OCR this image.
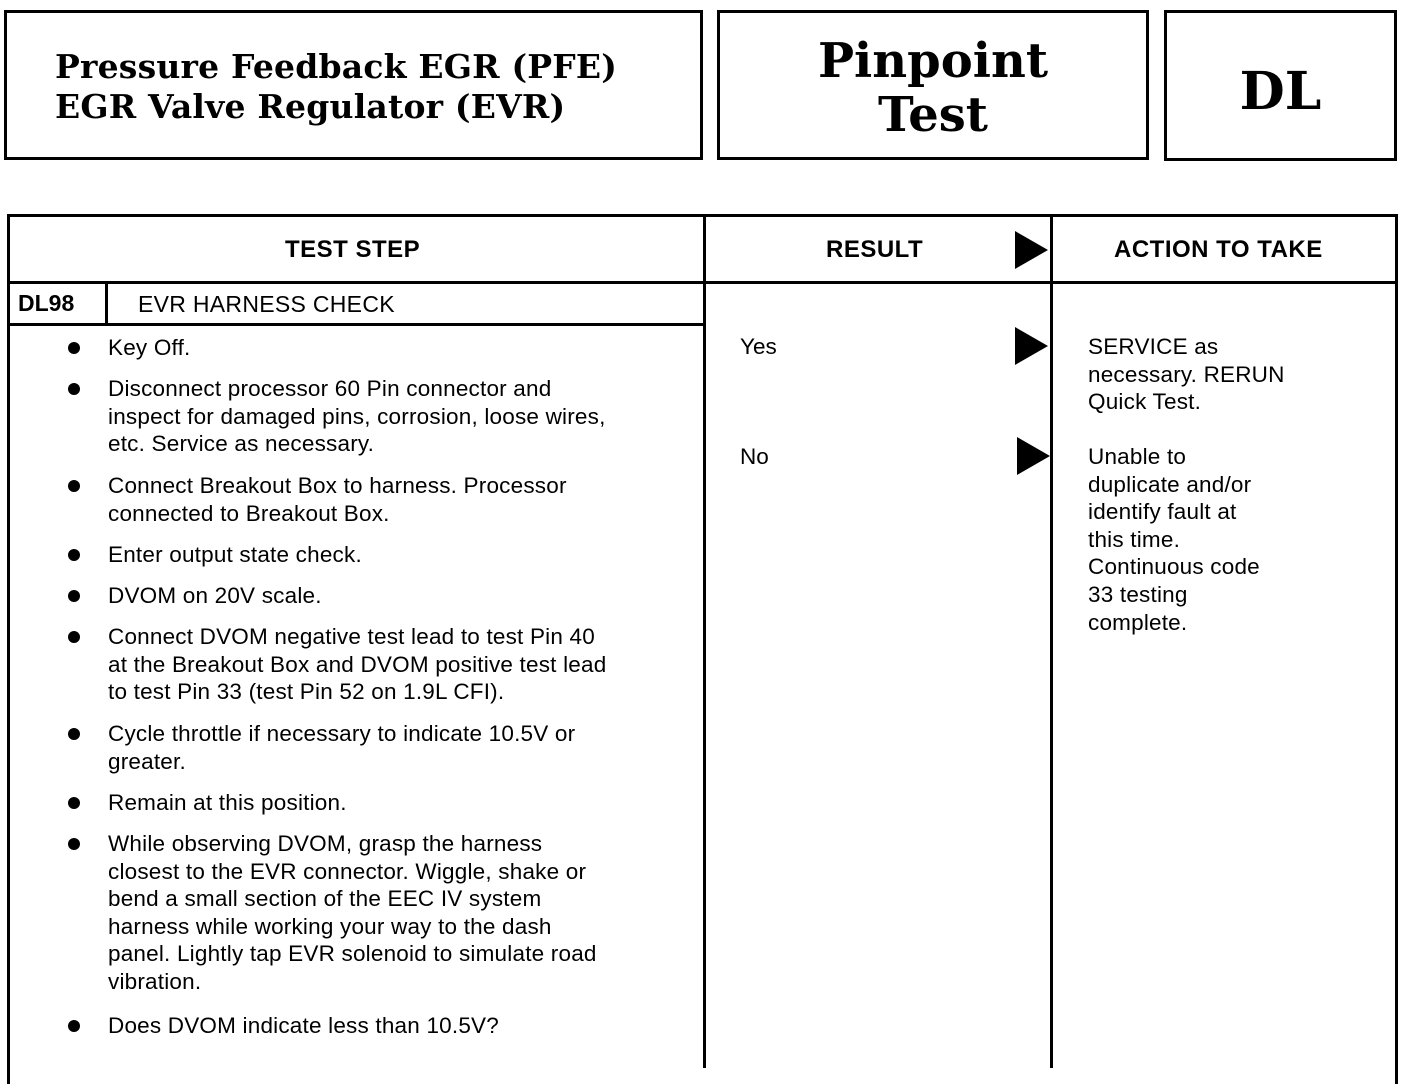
Pressure Feedback EGR (PFE)
EGR Valve Regulator (EVR)
Pinpoint
Test	DL
TEST STEP	RESULT	ACTION TO TAKE
DL98	EVR HARNESS CHECK
Key Off.
Disconnect processor 60 Pin connector and
inspect for damaged pins, corrosion, loose wires,
etc. Service as necessary.
Connect Breakout Box to harness. Processor
connected to Breakout Box.
Enter output state check.
DVOM on 20V scale.
Connect DVOM negative test lead to test Pin 40
at the Breakout Box and DVOM positive test lead
to test Pin 33 (test Pin 52 on 1.9L CFI).
Cycle throttle if necessary to indicate 10.5V or
greater.
Remain at this position.
While observing DVOM, grasp the harness
closest to the EVR connector. Wiggle, shake or
bend a small section of the EEC IV system
harness while working your way to the dash
panel. Lightly tap EVR solenoid to simulate road
vibration.
Does DVOM indicate less than 10.5V?
Yes	SERVICE as
necessary. RERUN
Quick Test.
No	Unable to
duplicate and/or
identify fault at
this time.
Continuous code
33 testing
complete.
